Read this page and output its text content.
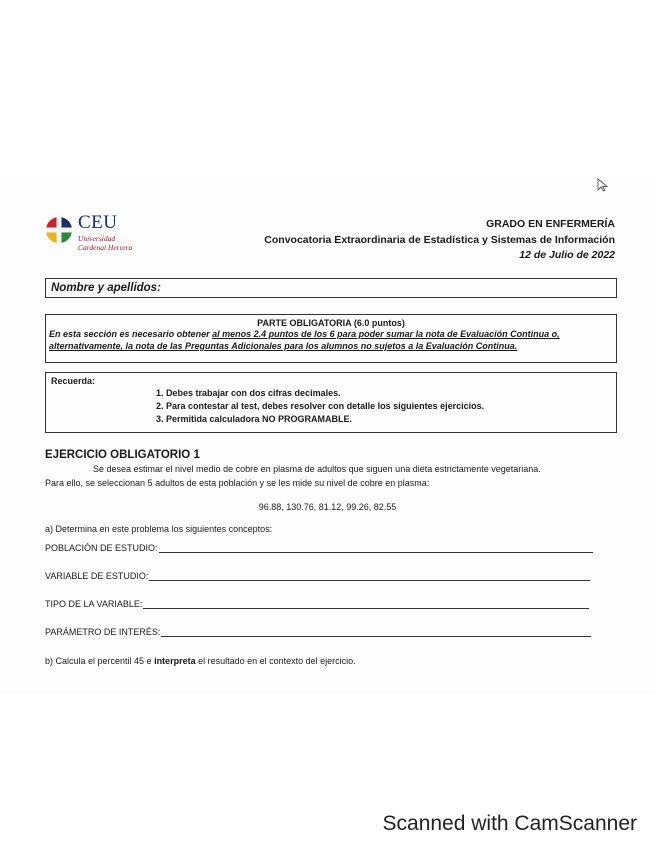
CEU
Universidad
Cardenal Herrera
GRADO EN ENFERMERÍA
Convocatoria Extraordinaria de Estadística y Sistemas de Información
12 de Julio de 2022
Nombre y apellidos:
PARTE OBLIGATORIA (6.0 puntos)
En esta sección es necesario obtener al menos 2.4 puntos de los 6 para poder sumar la nota de Evaluación Continua o, alternativamente, la nota de las Preguntas Adicionales para los alumnos no sujetos a la Evaluación Continua.
Recuerda:
1. Debes trabajar con dos cifras decimales.
2. Para contestar al test, debes resolver con detalle los siguientes ejercicios.
3. Permitida calculadora NO PROGRAMABLE.
EJERCICIO OBLIGATORIO 1
Se desea estimar el nivel medio de cobre en plasma de adultos que siguen una dieta estrictamente vegetariana.
Para ello, se seleccionan 5 adultos de esta población y se les mide su nivel de cobre en plasma:
96.88, 130.76, 81.12, 99.26, 82.55
a) Determina en este problema los siguientes conceptos:
POBLACIÓN DE ESTUDIO:
VARIABLE DE ESTUDIO:
TIPO DE LA VARIABLE:
PARÁMETRO DE INTERÉS:
b) Calcula el percentil 45 e interpreta el resultado en el contexto del ejercicio.
Scanned with CamScanner
